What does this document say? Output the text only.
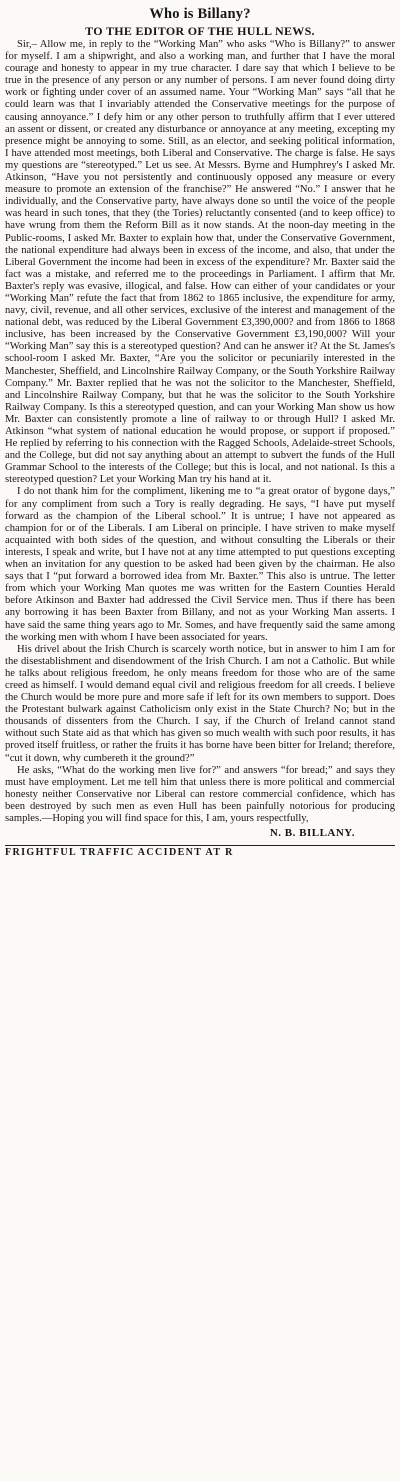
Who is Billany?
TO THE EDITOR OF THE HULL NEWS.

Sir,– Allow me, in reply to the “Working Man” who asks “Who is Billany?” to answer for myself. I am a shipwright, and also a working man, and further that I have the moral courage and honesty to appear in my true character. I dare say that which I believe to be true in the presence of any person or any number of persons. I am never found doing dirty work or fighting under cover of an assumed name. Your “Working Man” says “all that he could learn was that I invariably attended the Conservative meetings for the purpose of causing annoyance.” I defy him or any other person to truthfully affirm that I ever uttered an assent or dissent, or created any disturbance or annoyance at any meeting, excepting my presence might be annoying to some. Still, as an elector, and seeking political information, I have attended most meetings, both Liberal and Conservative. The charge is false. He says my questions are “stereotyped.” Let us see. At Messrs. Byrne and Humphrey's I asked Mr. Atkinson, “Have you not persistently and continuously opposed any measure or every measure to promote an extension of the franchise?” He answered “No.” I answer that he individually, and the Conservative party, have always done so until the voice of the people was heard in such tones, that they (the Tories) reluctantly consented (and to keep office) to have wrung from them the Reform Bill as it now stands. At the noon-day meeting in the Public-rooms, I asked Mr. Baxter to explain how that, under the Conservative Government, the national expenditure had always been in excess of the income, and also, that under the Liberal Government the income had been in excess of the expenditure? Mr. Baxter said the fact was a mistake, and referred me to the proceedings in Parliament. I affirm that Mr. Baxter's reply was evasive, illogical, and false. How can either of your candidates or your “Working Man” refute the fact that from 1862 to 1865 inclusive, the expenditure for army, navy, civil, revenue, and all other services, exclusive of the interest and management of the national debt, was reduced by the Liberal Government £3,390,000? and from 1866 to 1868 inclusive, has been increased by the Conservative Government £3,190,000? Will your “Working Man” say this is a stereotyped question? And can he answer it? At the St. James's school-room I asked Mr. Baxter, “Are you the solicitor or pecuniarily interested in the Manchester, Sheffield, and Lincolnshire Railway Company, or the South Yorkshire Railway Company.” Mr. Baxter replied that he was not the solicitor to the Manchester, Sheffield, and Lincolnshire Railway Company, but that he was the solicitor to the South Yorkshire Railway Company. Is this a stereotyped question, and can your Working Man show us how Mr. Baxter can consistently promote a line of railway to or through Hull? I asked Mr. Atkinson “what system of national education he would propose, or support if proposed.” He replied by referring to his connection with the Ragged Schools, Adelaide-street Schools, and the College, but did not say anything about an attempt to subvert the funds of the Hull Grammar School to the interests of the College; but this is local, and not national. Is this a stereotyped question? Let your Working Man try his hand at it.

I do not thank him for the compliment, likening me to “a great orator of bygone days,” for any compliment from such a Tory is really degrading. He says, “I have put myself forward as the champion of the Liberal school.” It is untrue; I have not appeared as champion for or of the Liberals. I am Liberal on principle. I have striven to make myself acquainted with both sides of the question, and without consulting the Liberals or their interests, I speak and write, but I have not at any time attempted to put questions excepting when an invitation for any question to be asked had been given by the chairman. He also says that I “put forward a borrowed idea from Mr. Baxter.” This also is untrue. The letter from which your Working Man quotes me was written for the Eastern Counties Herald before Atkinson and Baxter had addressed the Civil Service men. Thus if there has been any borrowing it has been Baxter from Billany, and not as your Working Man asserts. I have said the same thing years ago to Mr. Somes, and have frequently said the same among the working men with whom I have been associated for years.

His drivel about the Irish Church is scarcely worth notice, but in answer to him I am for the disestablishment and disendowment of the Irish Church. I am not a Catholic. But while he talks about religious freedom, he only means freedom for those who are of the same creed as himself. I would demand equal civil and religious freedom for all creeds. I believe the Church would be more pure and more safe if left for its own members to support. Does the Protestant bulwark against Catholicism only exist in the State Church? No; but in the thousands of dissenters from the Church. I say, if the Church of Ireland cannot stand without such State aid as that which has given so much wealth with such poor results, it has proved itself fruitless, or rather the fruits it has borne have been bitter for Ireland; therefore, “cut it down, why cumbereth it the ground?”

He asks, “What do the working men live for?” and answers “for bread;” and says they must have employment. Let me tell him that unless there is more political and commercial honesty neither Conservative nor Liberal can restore commercial confidence, which has been destroyed by such men as even Hull has been painfully notorious for producing samples.—Hoping you will find space for this, I am, yours respectfully,

N. B. BILLANY.
FRIGHTFUL TRAFFIC ACCIDENT AT R
